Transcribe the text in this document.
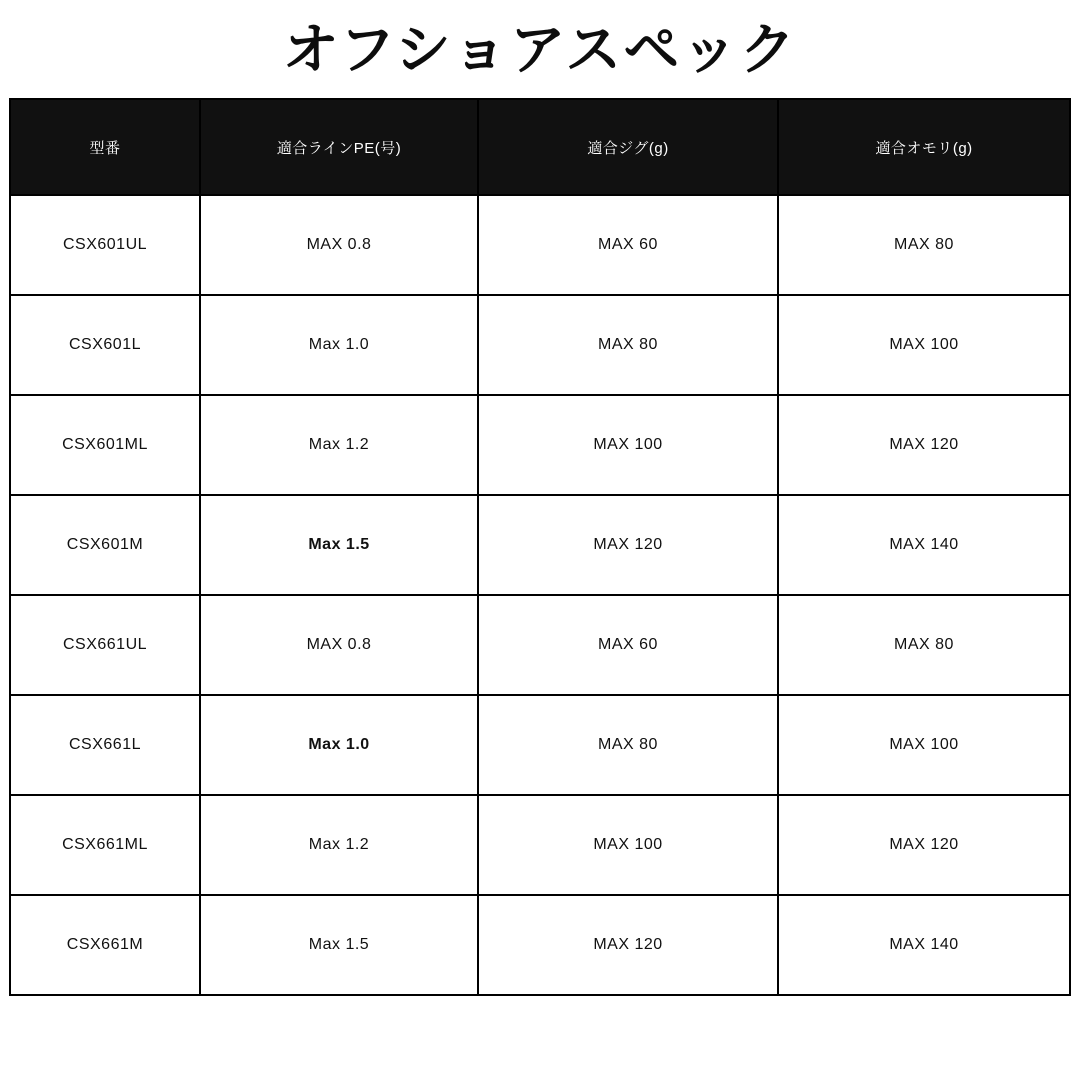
オフショアスペック
型番	適合ラインPE(号)	適合ジグ(g)	適合オモリ(g)
CSX601UL	MAX 0.8	MAX 60	MAX 80
CSX601L	Max 1.0	MAX 80	MAX 100
CSX601ML	Max 1.2	MAX 100	MAX 120
CSX601M	Max 1.5	MAX 120	MAX 140
CSX661UL	MAX 0.8	MAX 60	MAX 80
CSX661L	Max 1.0	MAX 80	MAX 100
CSX661ML	Max 1.2	MAX 100	MAX 120
CSX661M	Max 1.5	MAX 120	MAX 140
